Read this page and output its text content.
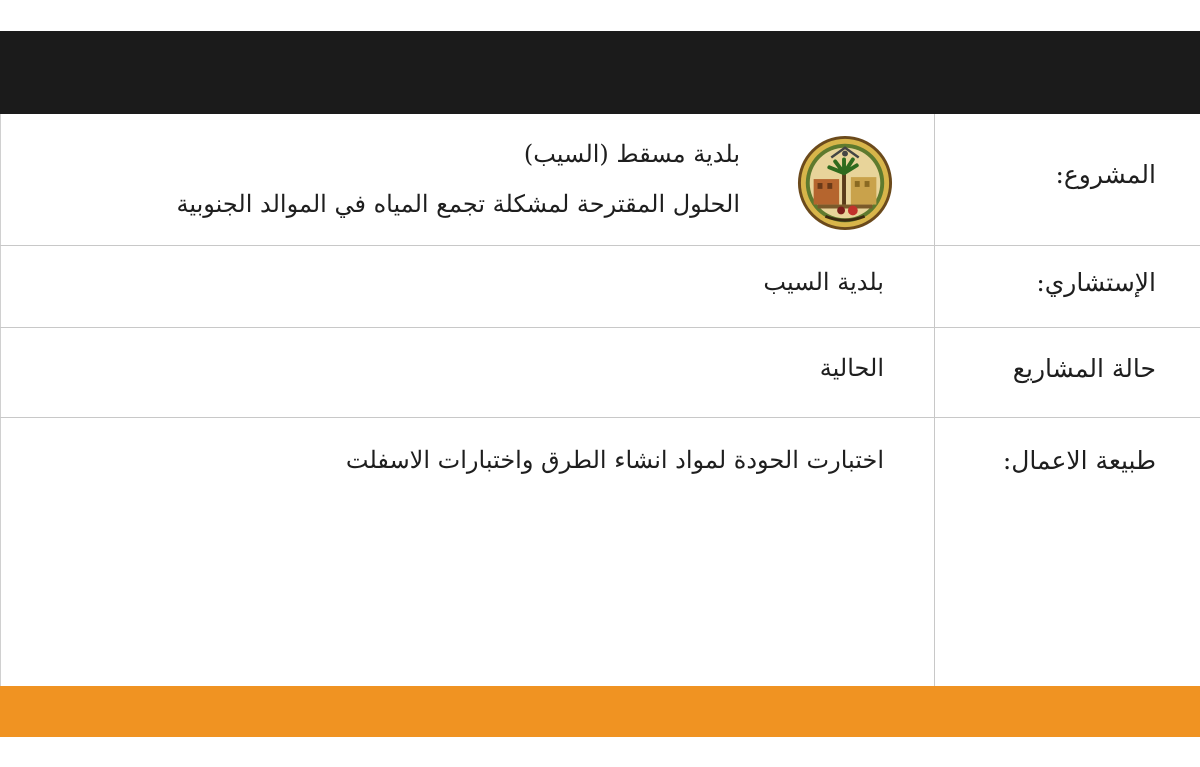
المشروع:
بلدية مسقط (السيب)
الحلول المقترحة لمشكلة تجمع المياه في الموالد الجنوبية
الإستشاري:
بلدية السيب
حالة المشاريع
الحالية
طبيعة الاعمال:
اختبارت الحودة لمواد انشاء الطرق واختبارات الاسفلت
